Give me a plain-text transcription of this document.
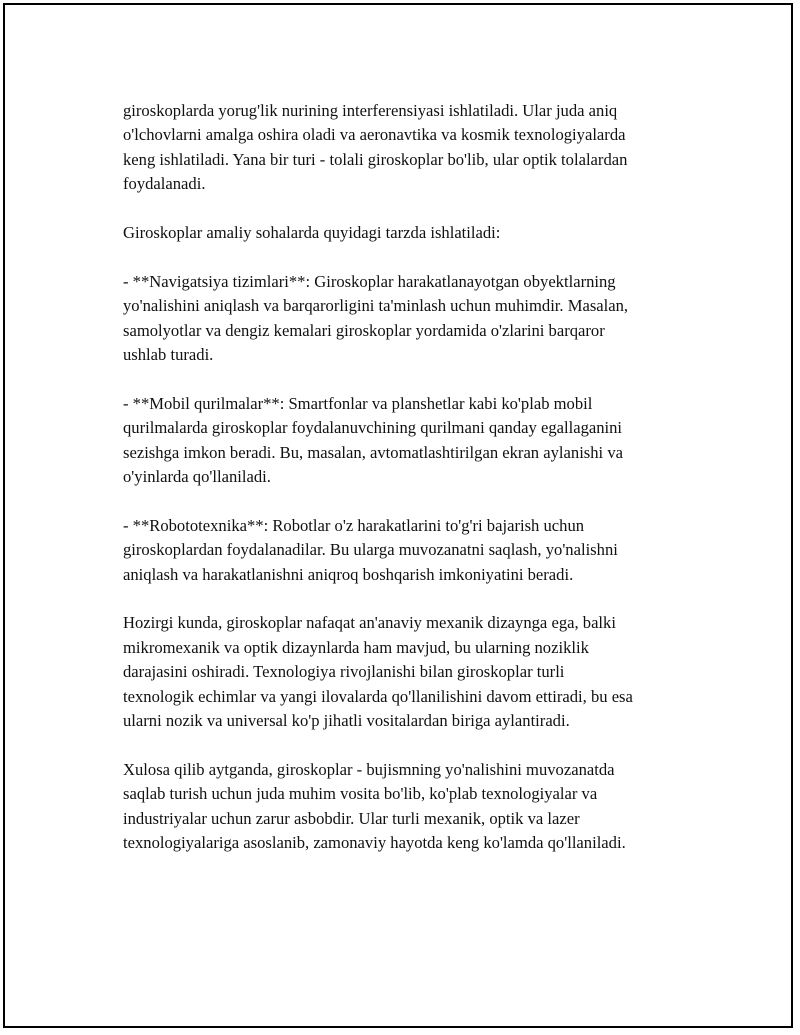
giroskoplarda yorug'lik nurining interferensiyasi ishlatiladi. Ular juda aniq
o'lchovlarni amalga oshira oladi va aeronavtika va kosmik texnologiyalarda
keng ishlatiladi. Yana bir turi - tolali giroskoplar bo'lib, ular optik tolalardan
foydalanadi.

Giroskoplar amaliy sohalarda quyidagi tarzda ishlatiladi:

- **Navigatsiya tizimlari**: Giroskoplar harakatlanayotgan obyektlarning
yo'nalishini aniqlash va barqarorligini ta'minlash uchun muhimdir. Masalan,
samolyotlar va dengiz kemalari giroskoplar yordamida o'zlarini barqaror
ushlab turadi.

- **Mobil qurilmalar**: Smartfonlar va planshetlar kabi ko'plab mobil
qurilmalarda giroskoplar foydalanuvchining qurilmani qanday egallaganini
sezishga imkon beradi. Bu, masalan, avtomatlashtirilgan ekran aylanishi va
o'yinlarda qo'llaniladi.

- **Robototexnika**: Robotlar o'z harakatlarini to'g'ri bajarish uchun
giroskoplardan foydalanadilar. Bu ularga muvozanatni saqlash, yo'nalishni
aniqlash va harakatlanishni aniqroq boshqarish imkoniyatini beradi.

Hozirgi kunda, giroskoplar nafaqat an'anaviy mexanik dizaynga ega, balki
mikromexanik va optik dizaynlarda ham mavjud, bu ularning noziklik
darajasini oshiradi. Texnologiya rivojlanishi bilan giroskoplar turli
texnologik echimlar va yangi ilovalarda qo'llanilishini davom ettiradi, bu esa
ularni nozik va universal ko'p jihatli vositalardan biriga aylantiradi.

Xulosa qilib aytganda, giroskoplar - bujismning yo'nalishini muvozanatda
saqlab turish uchun juda muhim vosita bo'lib, ko'plab texnologiyalar va
industriyalar uchun zarur asbobdir. Ular turli mexanik, optik va lazer
texnologiyalariga asoslanib, zamonaviy hayotda keng ko'lamda qo'llaniladi.
